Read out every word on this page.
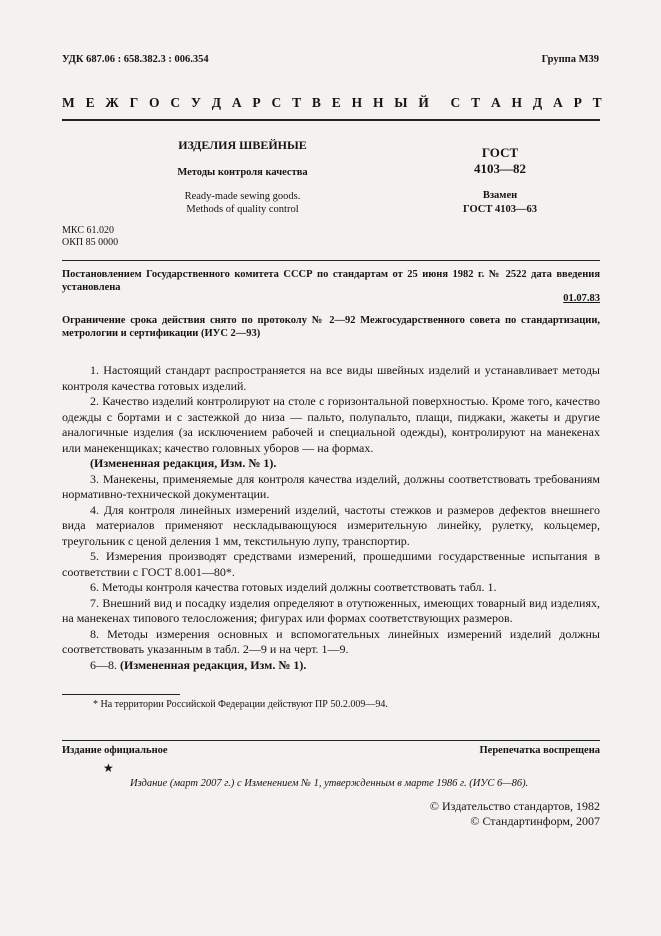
УДК 687.06 : 658.382.3 : 006.354	Группа М39
М Е Ж Г О С У Д А Р С Т В Е Н Н Ы Й С Т А Н Д А Р Т
ИЗДЕЛИЯ ШВЕЙНЫЕ
Методы контроля качества
Ready-made sewing goods.
Methods of quality control
ГОСТ
4103—82
Взамен
ГОСТ 4103—63
МКС 61.020
ОКП 85 0000
Постановлением Государственного комитета СССР по стандартам от 25 июня 1982 г. № 2522 дата введения установлена
01.07.83
Ограничение срока действия снято по протоколу № 2—92 Межгосударственного совета по стандартизации, метрологии и сертификации (ИУС 2—93)

1. Настоящий стандарт распространяется на все виды швейных изделий и устанавливает методы контроля качества готовых изделий.

2. Качество изделий контролируют на столе с горизонтальной поверхностью. Кроме того, качество одежды с бортами и с застежкой до низа — пальто, полупальто, плащи, пиджаки, жакеты и другие аналогичные изделия (за исключением рабочей и специальной одежды), контролируют на манекенах или манекенщиках; качество головных уборов — на формах.

(Измененная редакция, Изм. № 1).

3. Манекены, применяемые для контроля качества изделий, должны соответствовать требованиям нормативно-технической документации.

4. Для контроля линейных измерений изделий, частоты стежков и размеров дефектов внешнего вида материалов применяют нескладывающуюся измерительную линейку, рулетку, кольцемер, треугольник с ценой деления 1 мм, текстильную лупу, транспортир.

5. Измерения производят средствами измерений, прошедшими государственные испытания в соответствии с ГОСТ 8.001—80*.

6. Методы контроля качества готовых изделий должны соответствовать табл. 1.

7. Внешний вид и посадку изделия определяют в отутюженных, имеющих товарный вид изделиях, на манекенах типового телосложения; фигурах или формах соответствующих размеров.

8. Методы измерения основных и вспомогательных линейных измерений изделий должны соответствовать указанным в табл. 2—9 и на черт. 1—9.

6—8. (Измененная редакция, Изм. № 1).

* На территории Российской Федерации действуют ПР 50.2.009—94.
Издание официальное	Перепечатка воспрещена
★
Издание (март 2007 г.) с Изменением № 1, утвержденным в марте 1986 г. (ИУС 6—86).
© Издательство стандартов, 1982
© Стандартинформ, 2007
